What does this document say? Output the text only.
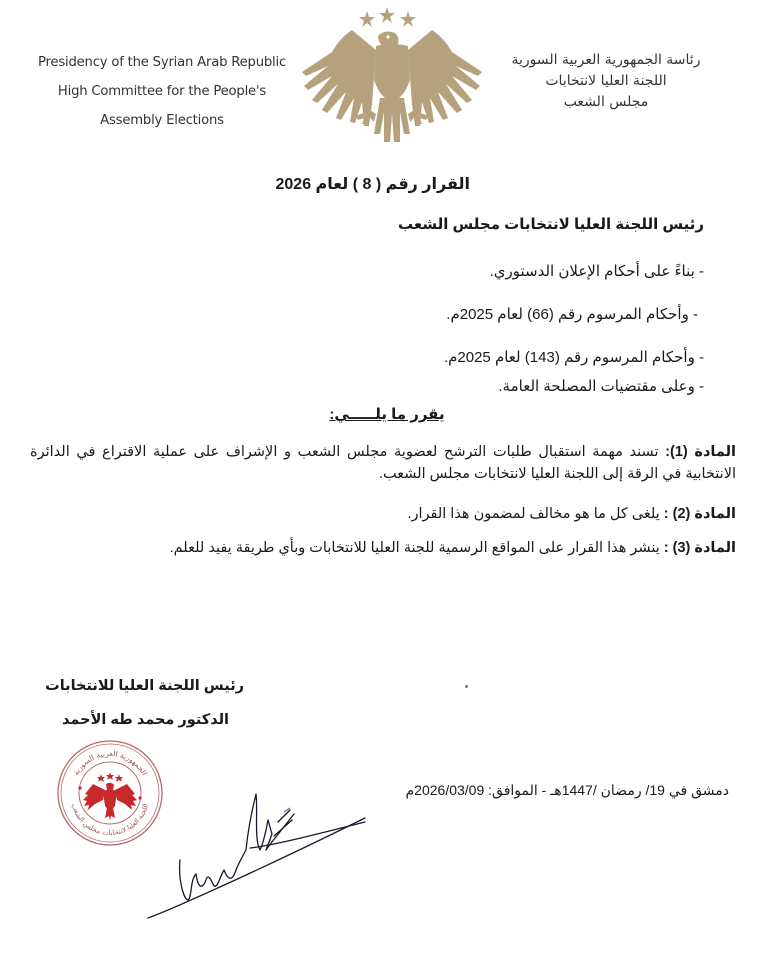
Presidency of the Syrian Arab Republic
High Committee for the People's
Assembly Elections
رئاسة الجمهورية العربية السورية
اللجنة العليا لانتخابات
مجلس الشعب
القرار رقم ( 8 ) لعام 2026
رئيس اللجنة العليا لانتخابات مجلس الشعب
- بناءً على أحكام الإعلان الدستوري.
- وأحكام المرسوم رقم (66) لعام 2025م.
- وأحكام المرسوم رقم (143) لعام 2025م.
- وعلى مقتضيات المصلحة العامة.
يقرر ما يلـــــي:
المادة (1): تسند مهمة استقبال طلبات الترشح لعضوية مجلس الشعب و الإشراف على عملية الاقتراع في الدائرة الانتخابية في الرقة إلى اللجنة العليا لانتخابات مجلس الشعب.
المادة (2) : يلغى كل ما هو مخالف لمضمون هذا القرار.
المادة (3) : ينشر هذا القرار على المواقع الرسمية للجنة العليا للانتخابات وبأي طريقة يفيد للعلم.
رئيس اللجنة العليا للانتخابات
الدكتور محمد طه الأحمد
دمشق في 19/ رمضان /1447هـ - الموافق: 2026/03/09م
الجمهورية العربية السورية
اللجنة العليا لانتخابات مجلس الشعب
